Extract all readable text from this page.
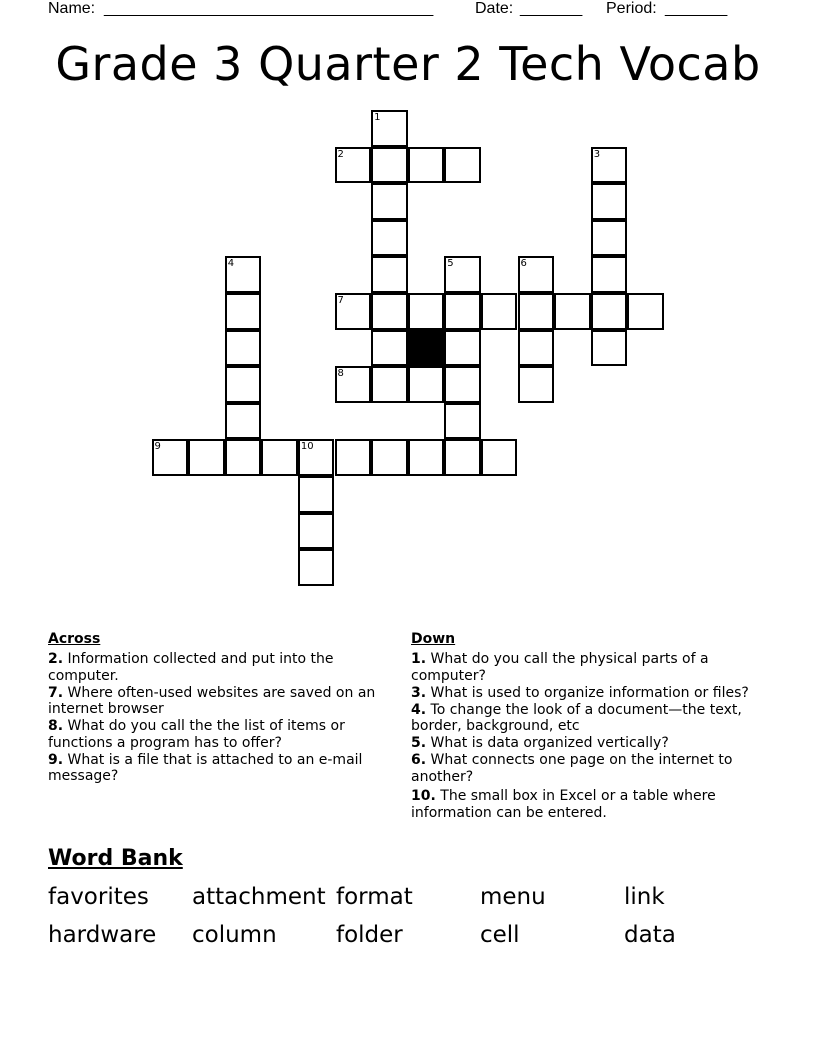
Name: _____________________________________	Date: _______ Period: _______
Grade 3 Quarter 2 Tech Vocab
2
7
8
9	10
1
3
4	5	6
Across
2. Information collected and put into the computer.
7. Where often-used websites are saved on an internet browser
8. What do you call the the list of items or functions a program has to offer?
9. What is a file that is attached to an e-mail message?
Down
1. What do you call the physical parts of a computer?
3. What is used to organize information or files?
4. To change the look of a document—the text, border, background, etc
5. What is data organized vertically?
6. What connects one page on the internet to another?
10. The small box in Excel or a table where information can be entered.
Word Bank
favorites attachment format	menu	link
hardware column	folder	cell	data
